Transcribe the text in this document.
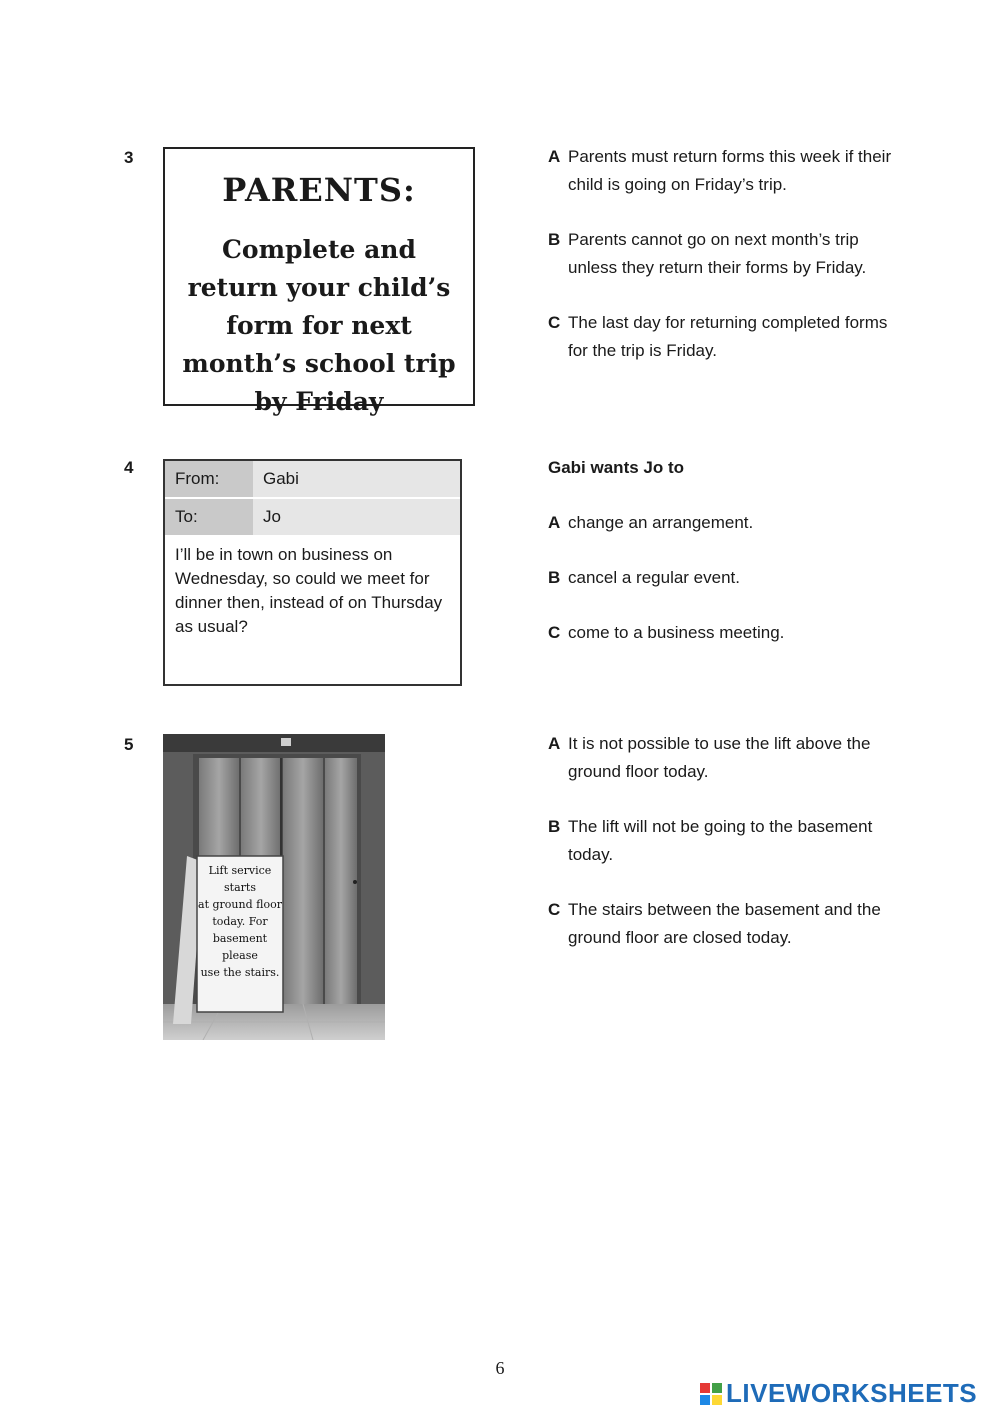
3
PARENTS:
Complete and return your child’s form for next month’s school trip by Friday
A Parents must return forms this week if their child is going on Friday’s trip.
B Parents cannot go on next month’s trip unless they return their forms by Friday.
C The last day for returning completed forms for the trip is Friday.
4
From:	Gabi
To:	Jo
I’ll be in town on business on Wednesday, so could we meet for dinner then, instead of on Thursday as usual?
Gabi wants Jo to
A change an arrangement.
B cancel a regular event.
C come to a business meeting.
5
Lift service starts
at ground floor
today. For
basement please
use the stairs.
A It is not possible to use the lift above the ground floor today.
B The lift will not be going to the basement today.
C The stairs between the basement and the ground floor are closed today.
6
LIVEWORKSHEETS
